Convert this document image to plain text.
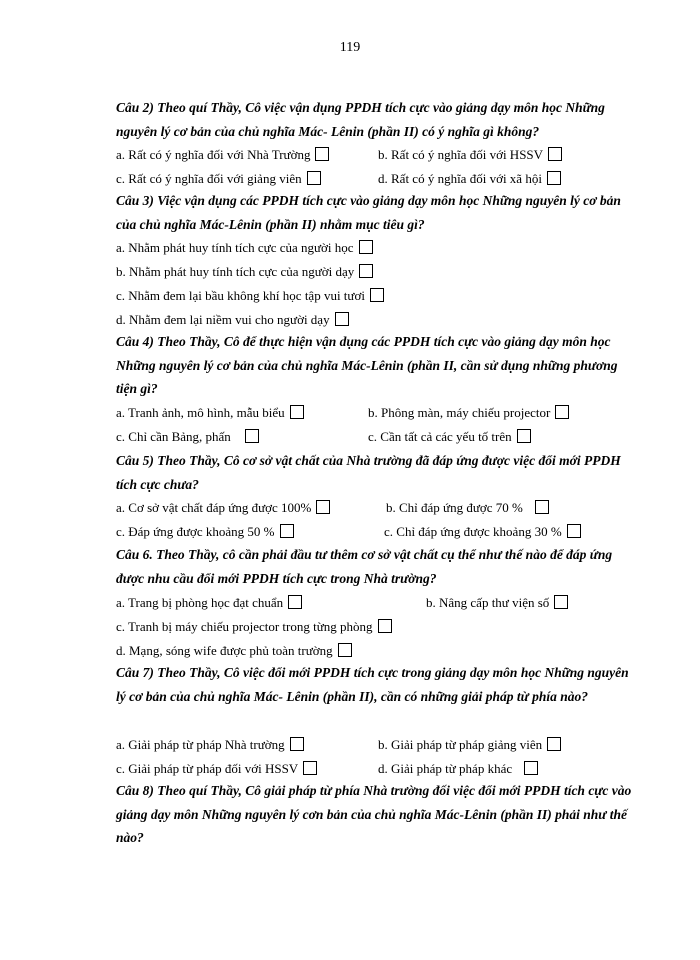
119
Câu 2) Theo quí Thầy, Cô việc vận dụng PPDH tích cực vào giảng dạy môn học Những nguyên lý cơ bản của chủ nghĩa Mác- Lênin (phần II) có ý nghĩa gì không?
a. Rất có ý nghĩa đối với Nhà Trường	b. Rất có ý nghĩa đối với HSSV
c. Rất có ý nghĩa đối với giảng viên	d. Rất có ý nghĩa đối với xã hội
Câu 3) Việc vận dụng các PPDH tích cực vào giảng dạy môn học Những nguyên lý cơ bản của chủ nghĩa Mác-Lênin (phần II) nhằm mục tiêu gì?
a. Nhằm phát huy tính tích cực của người học
b. Nhằm phát huy tính tích cực của người dạy
c. Nhằm đem lại bầu không khí học tập vui tươi
d. Nhằm đem lại niềm vui cho người dạy
Câu 4) Theo Thầy, Cô để thực hiện vận dụng các PPDH tích cực vào giảng dạy môn học Những nguyên lý cơ bản của chủ nghĩa Mác-Lênin (phần II, cần sử dụng những phương tiện gì?
a. Tranh ảnh, mô hình, mẫu biểu	b. Phông màn, máy chiếu projector
c. Chỉ cần Bảng, phấn	c. Cần tất cả các yếu tố trên
Câu 5) Theo Thầy, Cô cơ sở vật chất của Nhà trường đã đáp ứng được việc đổi mới PPDH tích cực chưa?
a. Cơ sở vật chất đáp ứng được 100%	b. Chỉ đáp ứng được 70 %
c. Đáp ứng được khoảng 50 %	c. Chỉ đáp ứng được khoảng 30 %
Câu 6. Theo Thầy, cô cần phải đầu tư thêm cơ sở vật chất cụ thể như thế nào để đáp ứng được nhu cầu đổi mới PPDH tích cực trong Nhà trường?
a. Trang bị phòng học đạt chuẩn	b. Nâng cấp thư viện số
c. Tranh bị máy chiếu projector trong từng phòng
d. Mạng, sóng wife được phủ toàn trường
Câu 7) Theo Thầy, Cô việc đổi mới PPDH tích cực trong giảng dạy môn học Những nguyên lý cơ bản của chủ nghĩa Mác- Lênin (phần II), cần có những giải pháp từ phía nào?
a. Giải pháp từ pháp Nhà trường	b. Giải pháp từ pháp giảng viên
c. Giải pháp từ pháp đối với HSSV	d. Giải pháp từ pháp khác
Câu 8) Theo quí Thầy, Cô giải pháp từ phía Nhà trường đối việc đổi mới PPDH tích cực vào giảng dạy môn Những nguyên lý cơn bản của chủ nghĩa Mác-Lênin (phần II) phải như thế nào?
